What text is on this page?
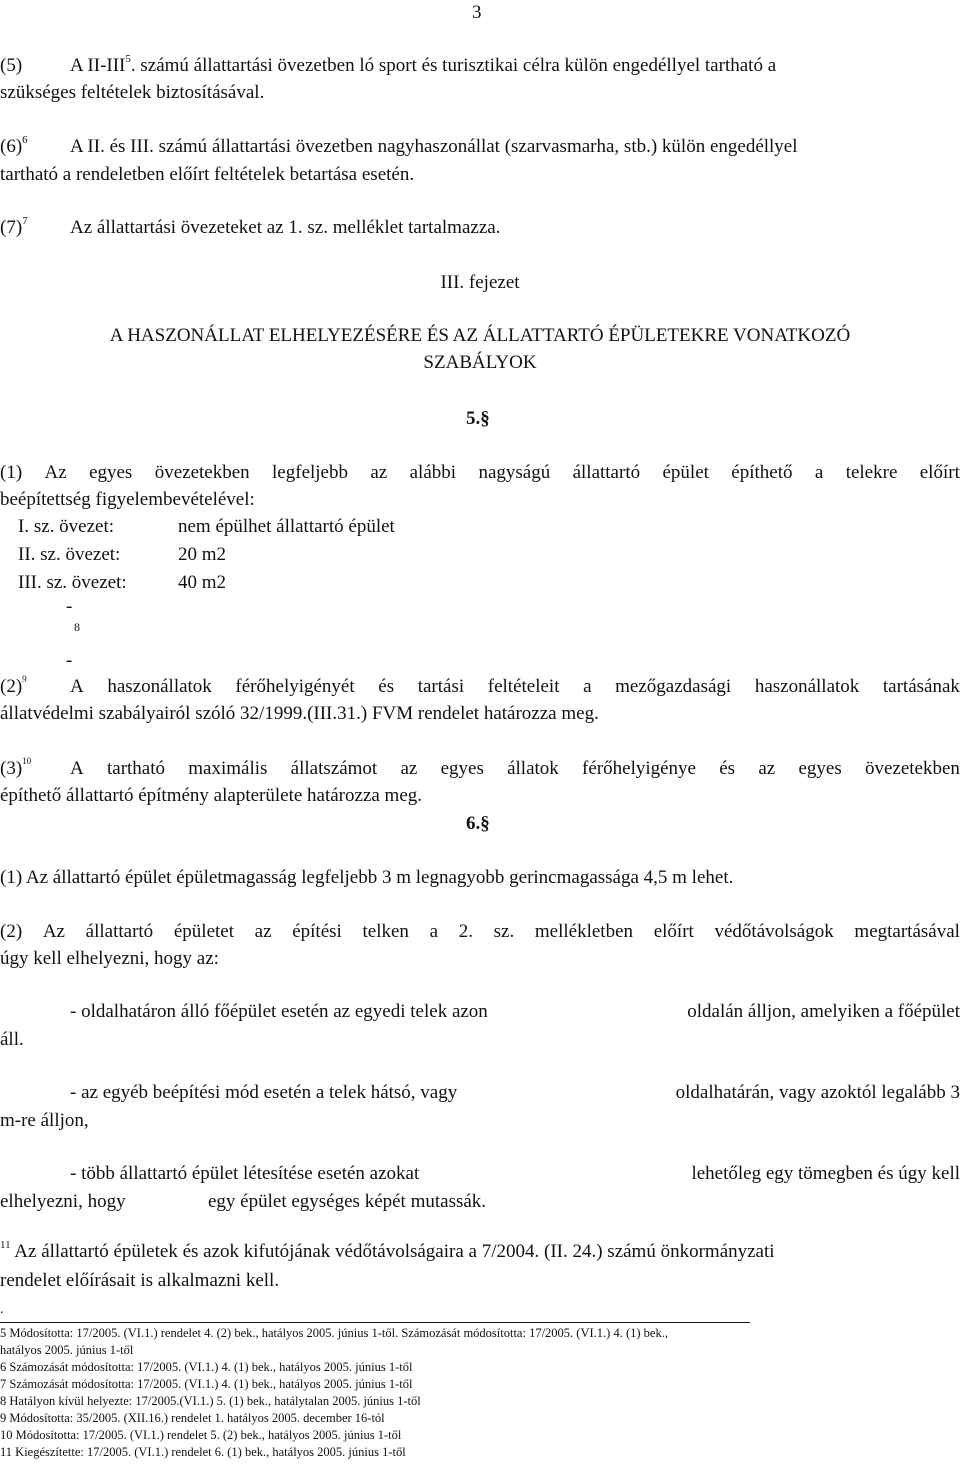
3
(5)	A II-III$^5$. számú állattartási övezetben ló sport és turisztikai célra külön engedéllyel tartható a
szükséges feltételek biztosításával.
$(6)^6$ A II. és III. számú állattartási övezetben nagyhaszonállat (szarvasmarha, stb.) külön engedéllyel
tartható a rendeletben előírt feltételek betartása esetén.
$(7)^7$ Az állattartási övezeteket az 1. sz. melléklet tartalmazza.
III. fejezet
A HASZONÁLLAT ELHELYEZÉSÉRE ÉS AZ ÁLLATTARTÓ ÉPÜLETEKRE VONATKOZÓ
SZABÁLYOK
5.§
(1) Az egyes övezetekben legfeljebb az alábbi nagyságú állattartó épület építhető a telekre előírt
beépítettség figyelembevételével:
I. sz. övezet:	nem épülhet állattartó épület
II. sz. övezet:	20 m2
III. sz. övezet:	40 m2
-
8
-
$(2)^9$ A haszonállatok férőhelyigényét és tartási feltételeit a mezőgazdasági haszonállatok tartásának
állatvédelmi szabályairól szóló 32/1999.(III.31.) FVM rendelet határozza meg.
$(3)^{10}$ A tartható maximális állatszámot az egyes állatok férőhelyigénye és az egyes övezetekben
építhető állattartó építmény alapterülete határozza meg.
6.§
(1) Az állattartó épület épületmagasság legfeljebb 3 m legnagyobb gerincmagassága 4,5 m lehet.
(2) Az állattartó épületet az építési telken a 2. sz. mellékletben előírt védőtávolságok megtartásával
úgy kell elhelyezni, hogy az:
- oldalhatáron álló főépület esetén az egyedi telek azon	oldalán álljon, amelyiken a főépület
áll.
- az egyéb beépítési mód esetén a telek hátsó, vagy	oldalhatárán, vagy azoktól legalább 3
m-re álljon,
- több állattartó épület létesítése esetén azokat	lehetőleg egy tömegben és úgy kell
elhelyezni, hogy	egy épület egységes képét mutassák.
$^{11}$ Az állattartó épületek és azok kifutójának védőtávolságaira a 7/2004. (II. 24.) számú önkormányzati
rendelet előírásait is alkalmazni kell.
.
5 Módosította: 17/2005. (VI.1.) rendelet 4. (2) bek., hatályos 2005. június 1-től. Számozását módosította: 17/2005. (VI.1.) 4. (1) bek.,
hatályos 2005. június 1-től
6 Számozását módosította: 17/2005. (VI.1.) 4. (1) bek., hatályos 2005. június 1-től
7 Számozását módosította: 17/2005. (VI.1.) 4. (1) bek., hatályos 2005. június 1-től
8 Hatályon kívül helyezte: 17/2005.(VI.1.) 5. (1) bek., hatálytalan 2005. június 1-től
9 Módosította: 35/2005. (XII.16.) rendelet 1. hatályos 2005. december 16-tól
10 Módosította: 17/2005. (VI.1.) rendelet 5. (2) bek., hatályos 2005. június 1-től
11 Kiegészítette: 17/2005. (VI.1.) rendelet 6. (1) bek., hatályos 2005. június 1-től
